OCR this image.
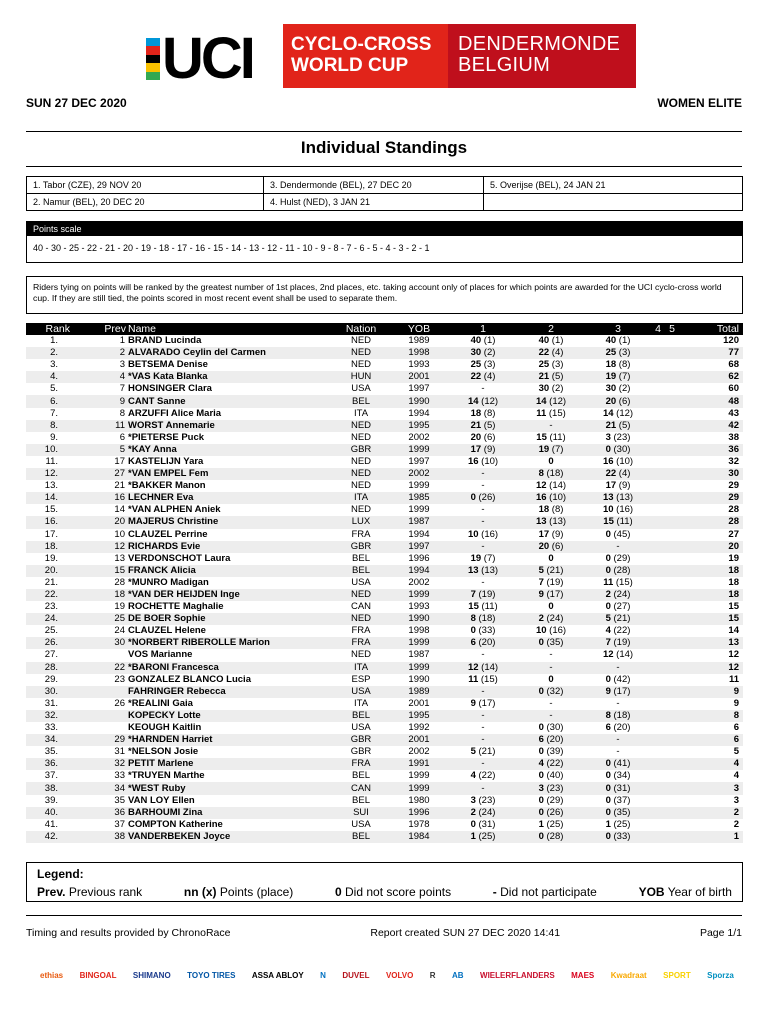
UCI CYCLO-CROSS
WORLD CUP
DENDERMONDE
BELGIUM
SUN 27 DEC 2020	WOMEN ELITE
Individual Standings
1. Tabor (CZE), 29 NOV 20	3. Dendermonde (BEL), 27 DEC 20	5. Overijse (BEL), 24 JAN 21
2. Namur (BEL), 20 DEC 20	4. Hulst (NED), 3 JAN 21	
Points scale
40 - 30 - 25 - 22 - 21 - 20 - 19 - 18 - 17 - 16 - 15 - 14 - 13 - 12 - 11 - 10 - 9 - 8 - 7 - 6 - 5 - 4 - 3 - 2 - 1
Riders tying on points will be ranked by the greatest number of 1st places, 2nd places, etc. taking account only of places for which points are awarded for the UCI cyclo-cross world cup. If they are still tied, the points scored in most recent event shall be used to separate them.
Rank	Prev	Name	Nation	YOB	1	2	3	4	5	Total
1.	1	BRAND Lucinda	NED	1989	40 (1)	40 (1)	40 (1)			120
2.	2	ALVARADO Ceylin del Carmen	NED	1998	30 (2)	22 (4)	25 (3)			77
3.	3	BETSEMA Denise	NED	1993	25 (3)	25 (3)	18 (8)			68
4.	4	*VAS Kata Blanka	HUN	2001	22 (4)	21 (5)	19 (7)			62
5.	7	HONSINGER Clara	USA	1997	-	30 (2)	30 (2)			60
6.	9	CANT Sanne	BEL	1990	14 (12)	14 (12)	20 (6)			48
7.	8	ARZUFFI Alice Maria	ITA	1994	18 (8)	11 (15)	14 (12)			43
8.	11	WORST Annemarie	NED	1995	21 (5)	-	21 (5)			42
9.	6	*PIETERSE Puck	NED	2002	20 (6)	15 (11)	3 (23)			38
10.	5	*KAY Anna	GBR	1999	17 (9)	19 (7)	0 (30)			36
11.	17	KASTELIJN Yara	NED	1997	16 (10)	0	16 (10)			32
12.	27	*VAN EMPEL Fem	NED	2002	-	8 (18)	22 (4)			30
13.	21	*BAKKER Manon	NED	1999	-	12 (14)	17 (9)			29
14.	16	LECHNER Eva	ITA	1985	0 (26)	16 (10)	13 (13)			29
15.	14	*VAN ALPHEN Aniek	NED	1999	-	18 (8)	10 (16)			28
16.	20	MAJERUS Christine	LUX	1987	-	13 (13)	15 (11)			28
17.	10	CLAUZEL Perrine	FRA	1994	10 (16)	17 (9)	0 (45)			27
18.	12	RICHARDS Evie	GBR	1997	-	20 (6)	-			20
19.	13	VERDONSCHOT Laura	BEL	1996	19 (7)	0	0 (29)			19
20.	15	FRANCK Alicia	BEL	1994	13 (13)	5 (21)	0 (28)			18
21.	28	*MUNRO Madigan	USA	2002	-	7 (19)	11 (15)			18
22.	18	*VAN DER HEIJDEN Inge	NED	1999	7 (19)	9 (17)	2 (24)			18
23.	19	ROCHETTE Maghalie	CAN	1993	15 (11)	0	0 (27)			15
24.	25	DE BOER Sophie	NED	1990	8 (18)	2 (24)	5 (21)			15
25.	24	CLAUZEL Helene	FRA	1998	0 (33)	10 (16)	4 (22)			14
26.	30	*NORBERT RIBEROLLE Marion	FRA	1999	6 (20)	0 (35)	7 (19)			13
27.		VOS Marianne	NED	1987	-	-	12 (14)			12
28.	22	*BARONI Francesca	ITA	1999	12 (14)	-	-			12
29.	23	GONZALEZ BLANCO Lucia	ESP	1990	11 (15)	0	0 (42)			11
30.		FAHRINGER Rebecca	USA	1989	-	0 (32)	9 (17)			9
31.	26	*REALINI Gaia	ITA	2001	9 (17)	-	-			9
32.		KOPECKY Lotte	BEL	1995	-	-	8 (18)			8
33.		KEOUGH Kaitlin	USA	1992	-	0 (30)	6 (20)			6
34.	29	*HARNDEN Harriet	GBR	2001	-	6 (20)	-			6
35.	31	*NELSON Josie	GBR	2002	5 (21)	0 (39)	-			5
36.	32	PETIT Marlene	FRA	1991	-	4 (22)	0 (41)			4
37.	33	*TRUYEN Marthe	BEL	1999	4 (22)	0 (40)	0 (34)			4
38.	34	*WEST Ruby	CAN	1999	-	3 (23)	0 (31)			3
39.	35	VAN LOY Ellen	BEL	1980	3 (23)	0 (29)	0 (37)			3
40.	36	BARHOUMI Zina	SUI	1996	2 (24)	0 (26)	0 (35)			2
41.	37	COMPTON Katherine	USA	1978	0 (31)	1 (25)	1 (25)			2
42.	38	VANDERBEKEN Joyce	BEL	1984	1 (25)	0 (28)	0 (33)			1
Legend:
Prev. Previous rank	nn (x) Points (place)	0 Did not score points	- Did not participate	YOB Year of birth
Timing and results provided by ChronoRace	Report created SUN 27 DEC 2020 14:41	Page 1/1
ethias	BINGOAL	SHIMANO	TOYO TIRES	ASSA ABLOY	N	DUVEL	VOLVO	R	AB	WIELERFLANDERS	MAES	Kwadraat	SPORT	Sporza
